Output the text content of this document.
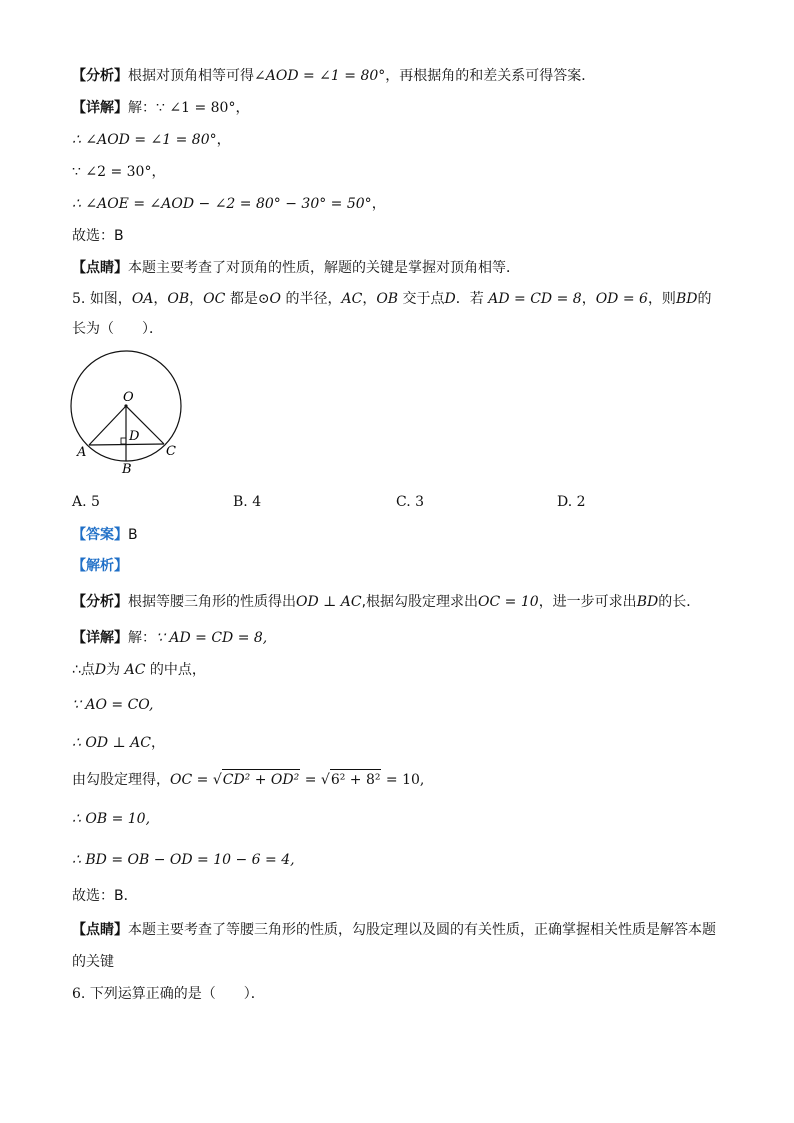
【分析】根据对顶角相等可得∠AOD = ∠1 = 80°，再根据角的和差关系可得答案．
【详解】解：∵ ∠1 = 80°，
∴ ∠AOD = ∠1 = 80°，
∵ ∠2 = 30°，
∴ ∠AOE = ∠AOD − ∠2 = 80° − 30° = 50°，
故选：B
【点睛】本题主要考查了对顶角的性质，解题的关键是掌握对顶角相等．
5. 如图，OA，OB，OC 都是⊙O 的半径，AC，OB 交于点D．若 AD = CD = 8，OD = 6，则BD的
长为（　　）．
O
A
B
C
D
A. 5	B. 4	C. 3	D. 2
【答案】B
【解析】
【分析】根据等腰三角形的性质得出OD ⊥ AC,根据勾股定理求出OC = 10，进一步可求出BD的长．
【详解】解：∵ AD = CD = 8,
∴点D为 AC 的中点，
∵ AO = CO,
∴ OD ⊥ AC，
由勾股定理得，OC = √CD² + OD² = √6² + 8² = 10,
∴ OB = 10,
∴ BD = OB − OD = 10 − 6 = 4,
故选：B．
【点睛】本题主要考查了等腰三角形的性质，勾股定理以及圆的有关性质，正确掌握相关性质是解答本题
的关键
6. 下列运算正确的是（　　）．
